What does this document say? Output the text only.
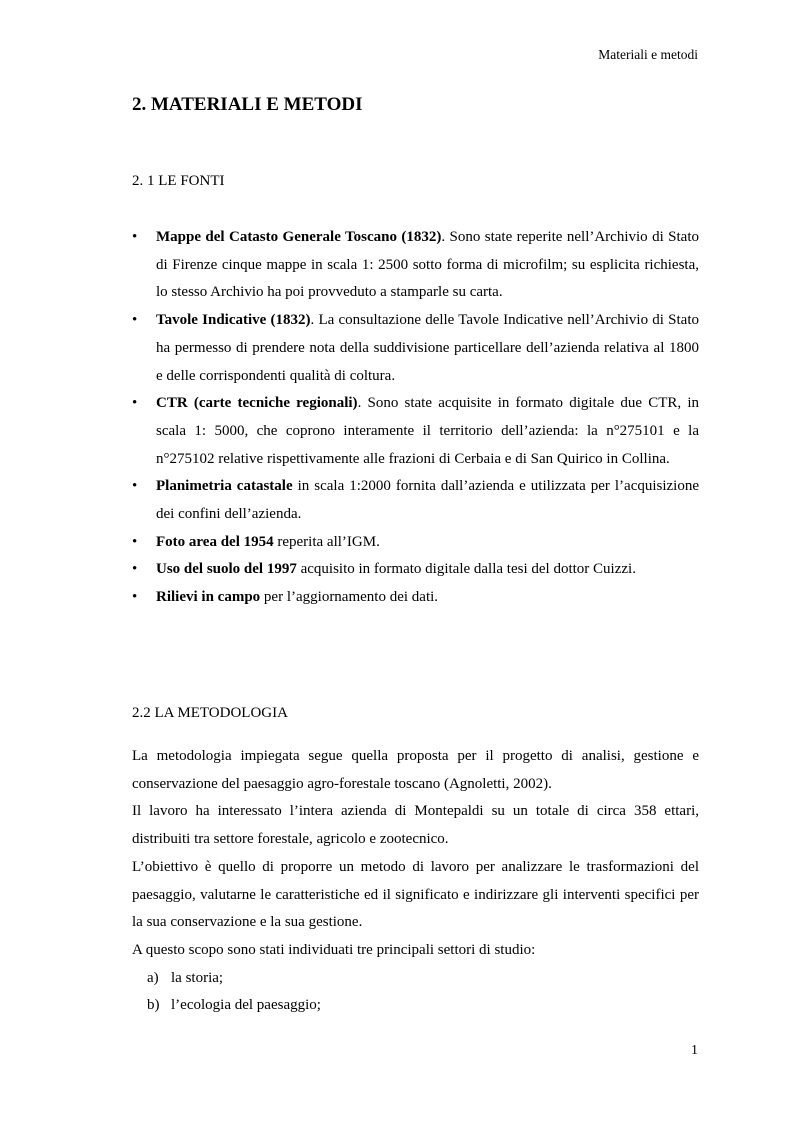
Materiali e metodi
2. MATERIALI E METODI
2. 1 LE FONTI
• Mappe del Catasto Generale Toscano (1832). Sono state reperite nell’Archivio di Stato di Firenze cinque mappe in scala 1: 2500 sotto forma di microfilm; su esplicita richiesta, lo stesso Archivio ha poi provveduto a stamparle su carta.
• Tavole Indicative (1832). La consultazione delle Tavole Indicative nell’Archivio di Stato ha permesso di prendere nota della suddivisione particellare dell’azienda relativa al 1800 e delle corrispondenti qualità di coltura.
• CTR (carte tecniche regionali). Sono state acquisite in formato digitale due CTR, in scala 1: 5000, che coprono interamente il territorio dell’azienda: la n°275101 e la n°275102 relative rispettivamente alle frazioni di Cerbaia e di San Quirico in Collina.
• Planimetria catastale in scala 1:2000 fornita dall’azienda e utilizzata per l’acquisizione dei confini dell’azienda.
• Foto area del 1954 reperita all’IGM.
• Uso del suolo del 1997 acquisito in formato digitale dalla tesi del dottor Cuizzi.
• Rilievi in campo per l’aggiornamento dei dati.
2.2 LA METODOLOGIA

La metodologia impiegata segue quella proposta per il progetto di analisi, gestione e conservazione del paesaggio agro-forestale toscano (Agnoletti, 2002).

Il lavoro ha interessato l’intera azienda di Montepaldi su un totale di circa 358 ettari, distribuiti tra settore forestale, agricolo e zootecnico.

L’obiettivo è quello di proporre un metodo di lavoro per analizzare le trasformazioni del paesaggio, valutarne le caratteristiche ed il significato e indirizzare gli interventi specifici per la sua conservazione e la sua gestione.

A questo scopo sono stati individuati tre principali settori di studio:

a) la storia;
b) l’ecologia del paesaggio;
1
